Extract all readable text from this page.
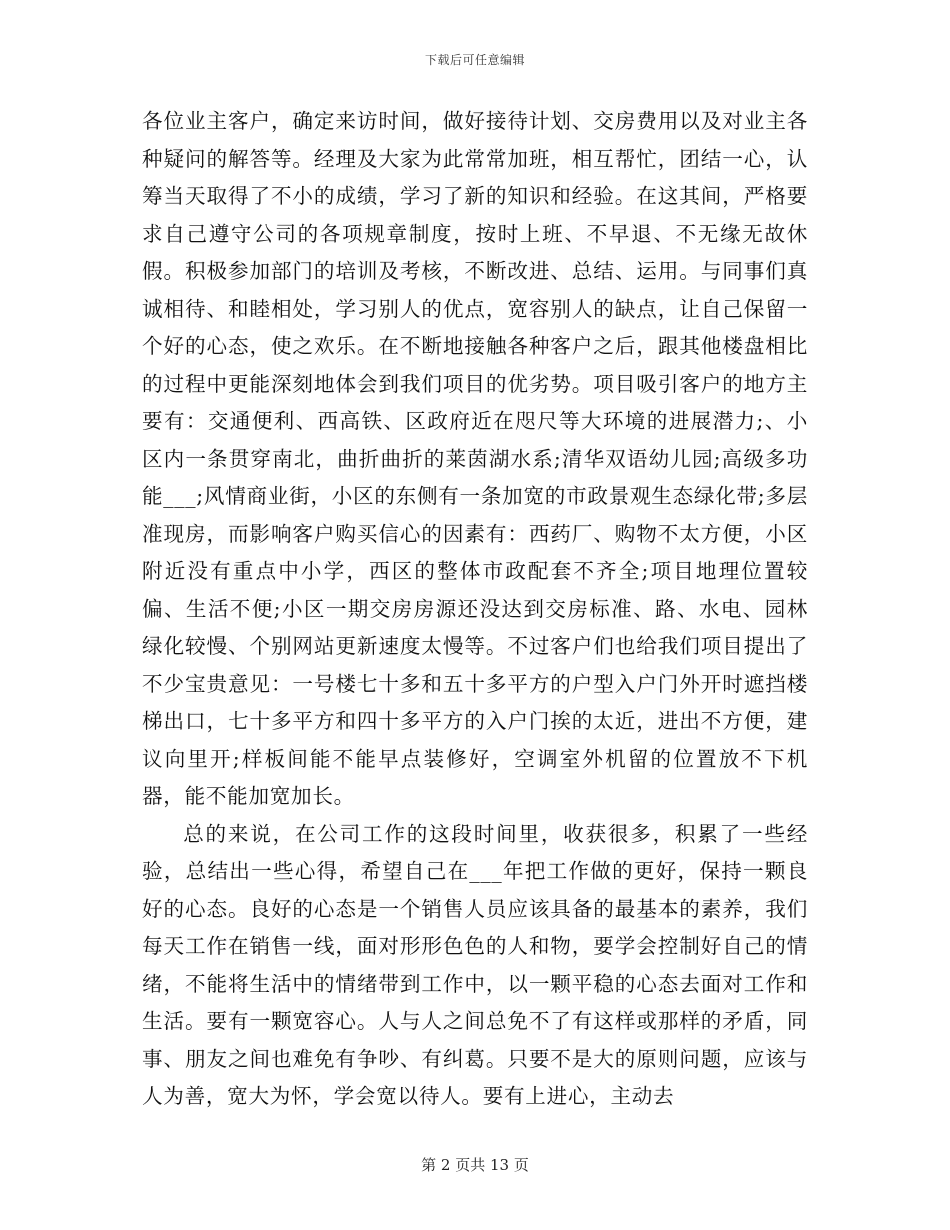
下载后可任意编辑

各位业主客户，确定来访时间，做好接待计划、交房费用以及对业主各种疑问的解答等。经理及大家为此常常加班，相互帮忙，团结一心，认筹当天取得了不小的成绩，学习了新的知识和经验。在这其间，严格要求自己遵守公司的各项规章制度，按时上班、不早退、不无缘无故休假。积极参加部门的培训及考核，不断改进、总结、运用。与同事们真诚相待、和睦相处，学习别人的优点，宽容别人的缺点，让自己保留一个好的心态，使之欢乐。在不断地接触各种客户之后，跟其他楼盘相比的过程中更能深刻地体会到我们项目的优劣势。项目吸引客户的地方主要有：交通便利、西高铁、区政府近在咫尺等大环境的进展潜力;、小区内一条贯穿南北，曲折曲折的莱茵湖水系;清华双语幼儿园;高级多功能___;风情商业街，小区的东侧有一条加宽的市政景观生态绿化带;多层准现房，而影响客户购买信心的因素有：西药厂、购物不太方便，小区附近没有重点中小学，西区的整体市政配套不齐全;项目地理位置较偏、生活不便;小区一期交房房源还没达到交房标准、路、水电、园林绿化较慢、个别网站更新速度太慢等。不过客户们也给我们项目提出了不少宝贵意见：一号楼七十多和五十多平方的户型入户门外开时遮挡楼梯出口，七十多平方和四十多平方的入户门挨的太近，进出不方便，建议向里开;样板间能不能早点装修好，空调室外机留的位置放不下机器，能不能加宽加长。

总的来说，在公司工作的这段时间里，收获很多，积累了一些经验，总结出一些心得，希望自己在___年把工作做的更好，保持一颗良好的心态。良好的心态是一个销售人员应该具备的最基本的素养，我们每天工作在销售一线，面对形形色色的人和物，要学会控制好自己的情绪，不能将生活中的情绪带到工作中，以一颗平稳的心态去面对工作和生活。要有一颗宽容心。人与人之间总免不了有这样或那样的矛盾，同事、朋友之间也难免有争吵、有纠葛。只要不是大的原则问题，应该与人为善，宽大为怀，学会宽以待人。要有上进心，主动去

第 2 页共 13 页
